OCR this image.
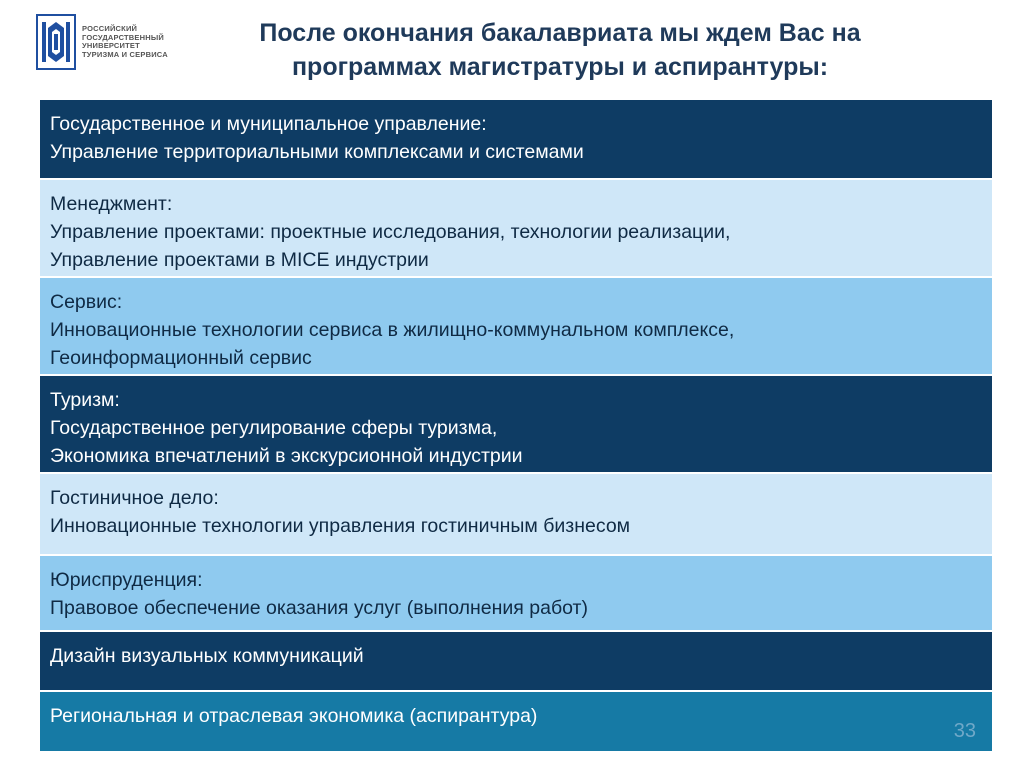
РОССИЙСКИЙ
ГОСУДАРСТВЕННЫЙ
УНИВЕРСИТЕТ
ТУРИЗМА И СЕРВИСА
После окончания бакалавриата мы ждем Вас на
программах магистратуры и аспирантуры:
Государственное и муниципальное управление:
Управление территориальными комплексами и системами
Менеджмент:
Управление проектами: проектные исследования, технологии реализации,
Управление проектами в MICE индустрии
Сервис:
Инновационные технологии сервиса в жилищно-коммунальном комплексе,
Геоинформационный сервис
Туризм:
Государственное регулирование сферы туризма,
Экономика впечатлений в экскурсионной индустрии
Гостиничное дело:
Инновационные технологии управления гостиничным бизнесом
Юриспруденция:
Правовое обеспечение оказания услуг (выполнения работ)
Дизайн визуальных коммуникаций
Региональная и отраслевая экономика (аспирантура)
33
